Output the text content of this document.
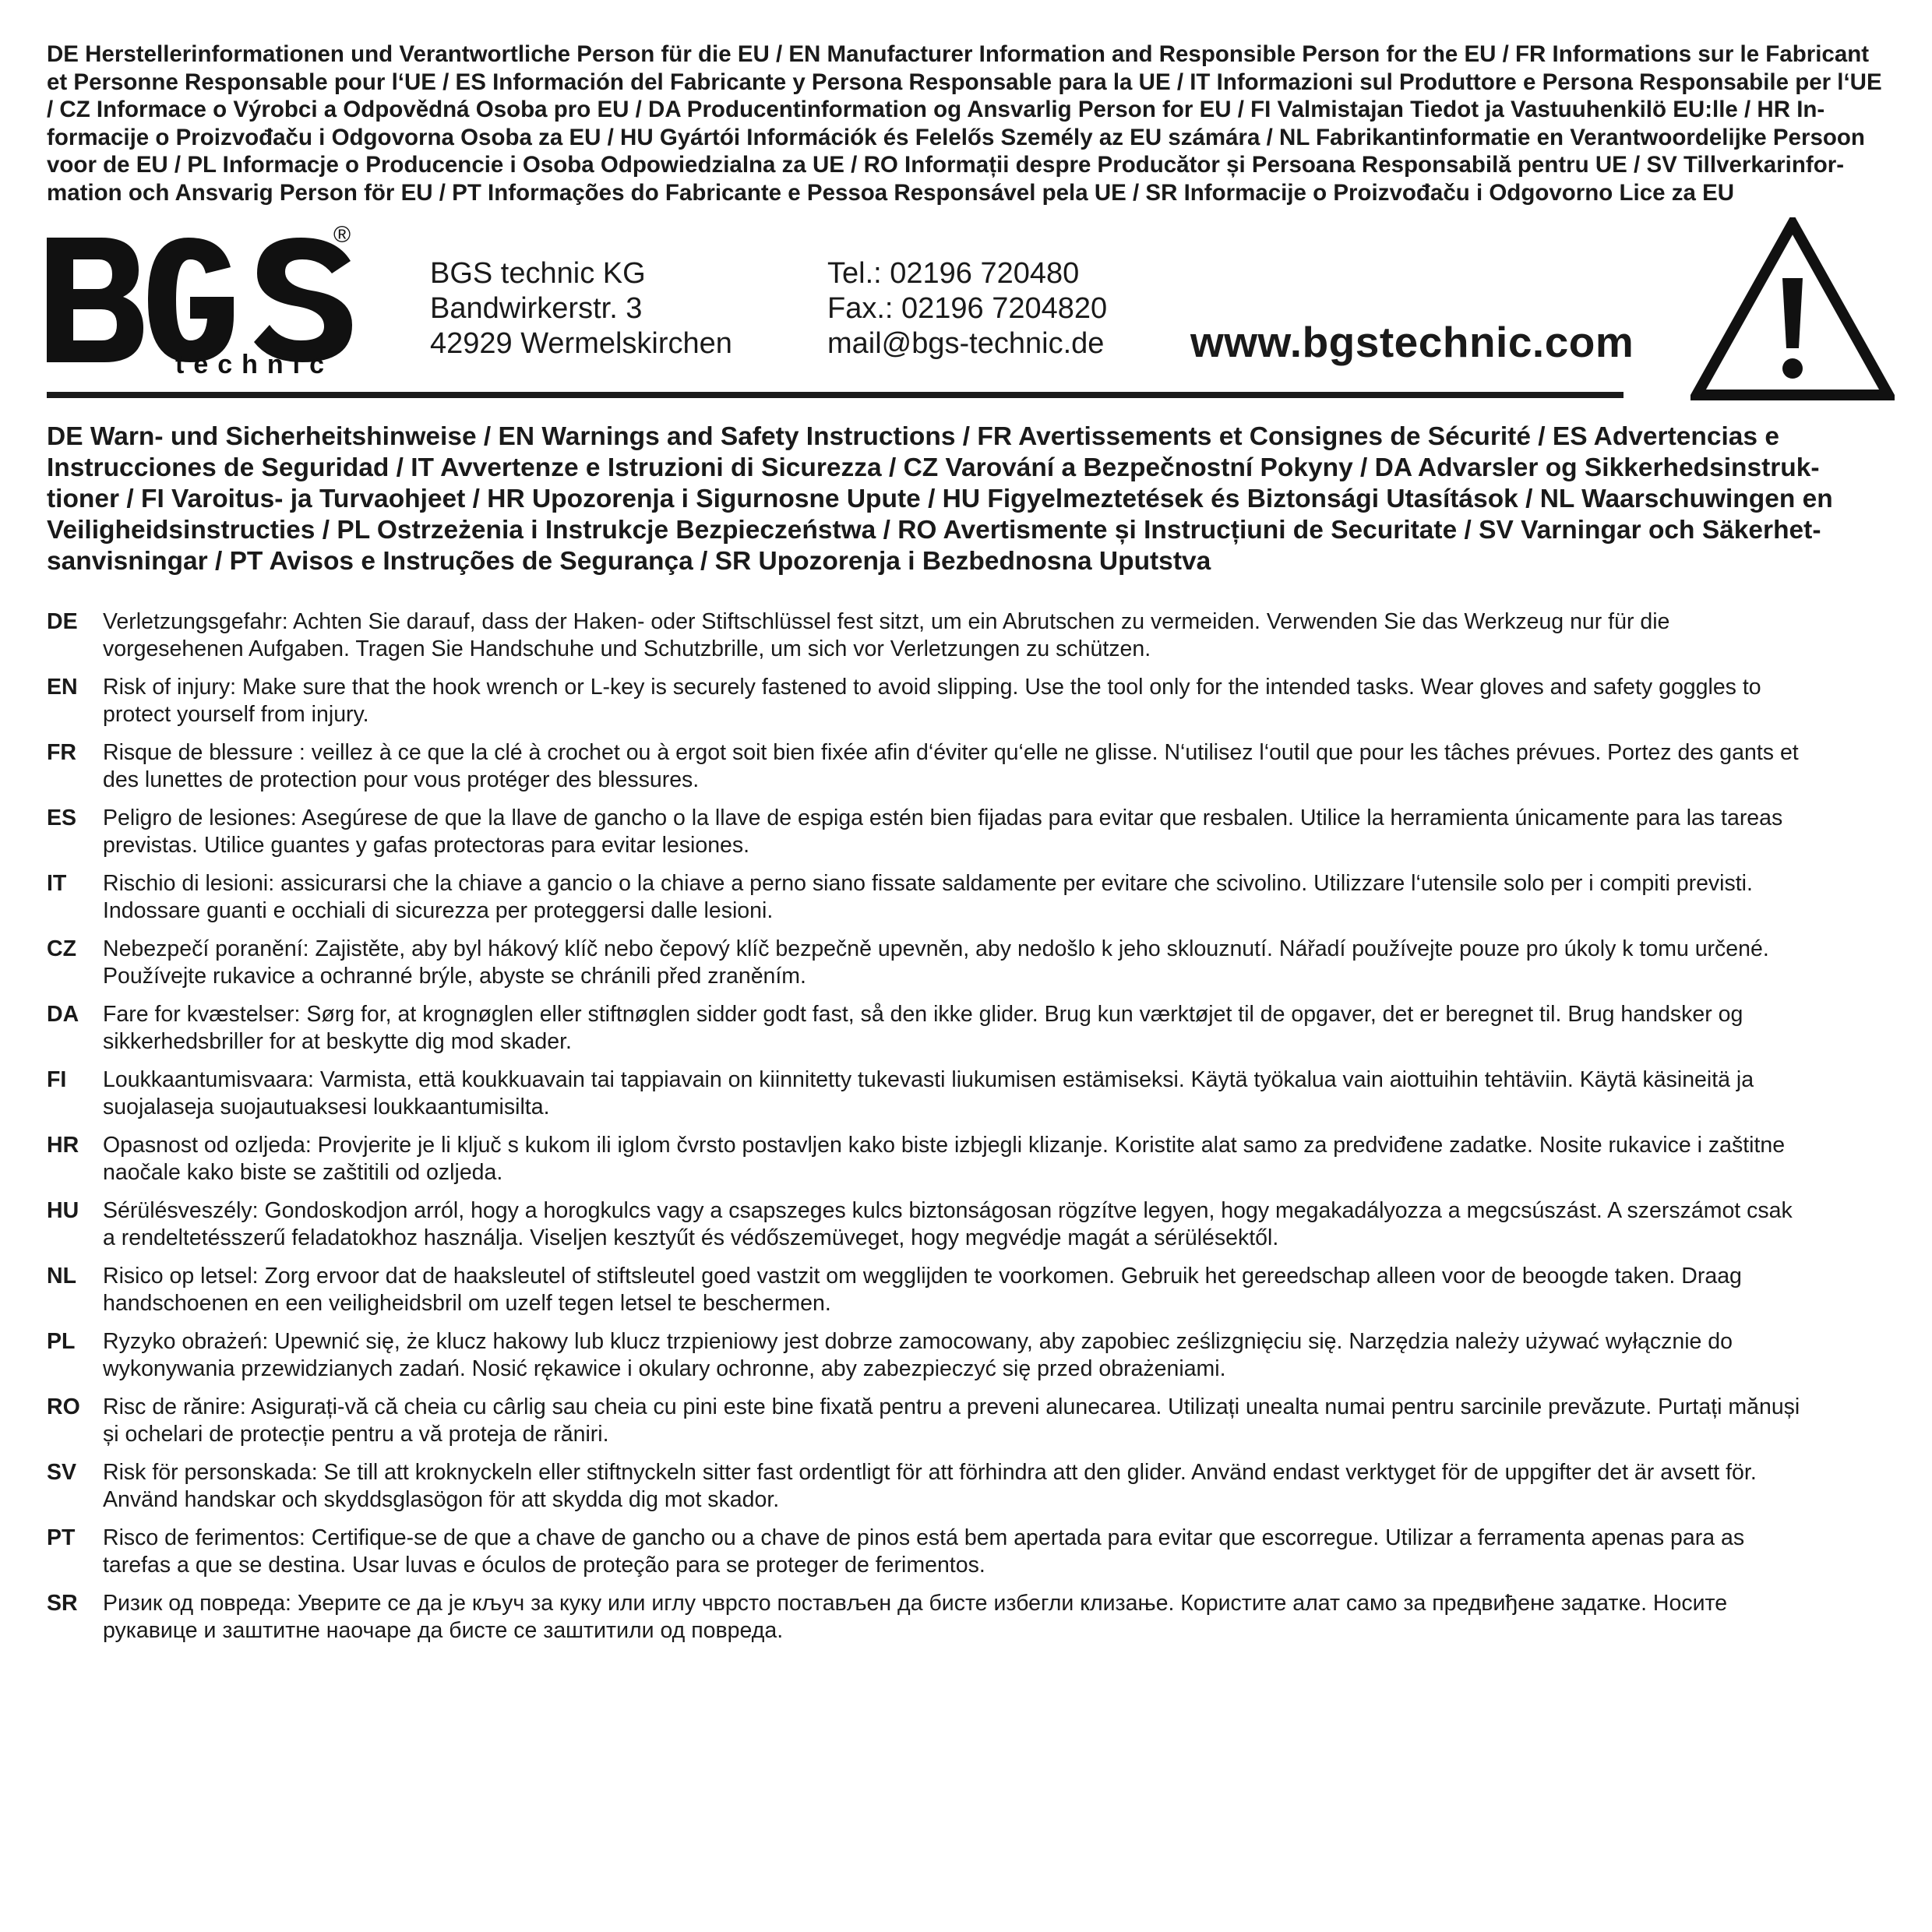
DE Herstellerinformationen und Verantwortliche Person für die EU / EN Manufacturer Information and Responsible Person for the EU / FR Informations sur le Fabricant
et Personne Responsable pour l‘UE / ES Información del Fabricante y Persona Responsable para la UE / IT Informazioni sul Produttore e Persona Responsabile per l‘UE
/ CZ Informace o Výrobci a Odpovědná Osoba pro EU / DA Producentinformation og Ansvarlig Person for EU / FI Valmistajan Tiedot ja Vastuuhenkilö EU:lle / HR In-
formacije o Proizvođaču i Odgovorna Osoba za EU / HU Gyártói Információk és Felelős Személy az EU számára / NL Fabrikantinformatie en Verantwoordelijke Persoon
voor de EU / PL Informacje o Producencie i Osoba Odpowiedzialna za UE / RO Informații despre Producător și Persoana Responsabilă pentru UE / SV Tillverkarinfor-
mation och Ansvarig Person för EU / PT Informações do Fabricante e Pessoa Responsável pela UE / SR Informacije o Proizvođaču i Odgovorno Lice za EU

technic
®
BGS technic KG
Bandwirkerstr. 3
42929 Wermelskirchen
Tel.: 02196 720480
Fax.: 02196 7204820
mail@bgs-technic.de www.bgstechnic.com

DE Warn- und Sicherheitshinweise / EN Warnings and Safety Instructions / FR Avertissements et Consignes de Sécurité / ES Advertencias e
Instrucciones de Seguridad / IT Avvertenze e Istruzioni di Sicurezza / CZ Varování a Bezpečnostní Pokyny / DA Advarsler og Sikkerhedsinstruk-
tioner / FI Varoitus- ja Turvaohjeet / HR Upozorenja i Sigurnosne Upute / HU Figyelmeztetések és Biztonsági Utasítások / NL Waarschuwingen en
Veiligheidsinstructies / PL Ostrzeżenia i Instrukcje Bezpieczeństwa / RO Avertismente și Instrucțiuni de Securitate / SV Varningar och Säkerhet-
sanvisningar / PT Avisos e Instruções de Segurança / SR Upozorenja i Bezbednosna Uputstva

DE	Verletzungsgefahr: Achten Sie darauf, dass der Haken- oder Stiftschlüssel fest sitzt, um ein Abrutschen zu vermeiden. Verwenden Sie das Werkzeug nur für die
vorgesehenen Aufgaben. Tragen Sie Handschuhe und Schutzbrille, um sich vor Verletzungen zu schützen.
EN	Risk of injury: Make sure that the hook wrench or L-key is securely fastened to avoid slipping. Use the tool only for the intended tasks. Wear gloves and safety goggles to
protect yourself from injury.
FR	Risque de blessure : veillez à ce que la clé à crochet ou à ergot soit bien fixée afin d‘éviter qu‘elle ne glisse. N‘utilisez l‘outil que pour les tâches prévues. Portez des gants et
des lunettes de protection pour vous protéger des blessures.
ES	Peligro de lesiones: Asegúrese de que la llave de gancho o la llave de espiga estén bien fijadas para evitar que resbalen. Utilice la herramienta únicamente para las tareas
previstas. Utilice guantes y gafas protectoras para evitar lesiones.
IT	Rischio di lesioni: assicurarsi che la chiave a gancio o la chiave a perno siano fissate saldamente per evitare che scivolino. Utilizzare l‘utensile solo per i compiti previsti.
Indossare guanti e occhiali di sicurezza per proteggersi dalle lesioni.
CZ	Nebezpečí poranění: Zajistěte, aby byl hákový klíč nebo čepový klíč bezpečně upevněn, aby nedošlo k jeho sklouznutí. Nářadí používejte pouze pro úkoly k tomu určené.
Používejte rukavice a ochranné brýle, abyste se chránili před zraněním.
DA	Fare for kvæstelser: Sørg for, at krognøglen eller stiftnøglen sidder godt fast, så den ikke glider. Brug kun værktøjet til de opgaver, det er beregnet til. Brug handsker og
sikkerhedsbriller for at beskytte dig mod skader.
FI	Loukkaantumisvaara: Varmista, että koukkuavain tai tappiavain on kiinnitetty tukevasti liukumisen estämiseksi. Käytä työkalua vain aiottuihin tehtäviin. Käytä käsineitä ja
suojalaseja suojautuaksesi loukkaantumisilta.
HR	Opasnost od ozljeda: Provjerite je li ključ s kukom ili iglom čvrsto postavljen kako biste izbjegli klizanje. Koristite alat samo za predviđene zadatke. Nosite rukavice i zaštitne
naočale kako biste se zaštitili od ozljeda.
HU	Sérülésveszély: Gondoskodjon arról, hogy a horogkulcs vagy a csapszeges kulcs biztonságosan rögzítve legyen, hogy megakadályozza a megcsúszást. A szerszámot csak
a rendeltetésszerű feladatokhoz használja. Viseljen kesztyűt és védőszemüveget, hogy megvédje magát a sérülésektől.
NL	Risico op letsel: Zorg ervoor dat de haaksleutel of stiftsleutel goed vastzit om wegglijden te voorkomen. Gebruik het gereedschap alleen voor de beoogde taken. Draag
handschoenen en een veiligheidsbril om uzelf tegen letsel te beschermen.
PL	Ryzyko obrażeń: Upewnić się, że klucz hakowy lub klucz trzpieniowy jest dobrze zamocowany, aby zapobiec ześlizgnięciu się. Narzędzia należy używać wyłącznie do
wykonywania przewidzianych zadań. Nosić rękawice i okulary ochronne, aby zabezpieczyć się przed obrażeniami.
RO	Risc de rănire: Asigurați-vă că cheia cu cârlig sau cheia cu pini este bine fixată pentru a preveni alunecarea. Utilizați unealta numai pentru sarcinile prevăzute. Purtați mănuși
și ochelari de protecție pentru a vă proteja de răniri.
SV	Risk för personskada: Se till att kroknyckeln eller stiftnyckeln sitter fast ordentligt för att förhindra att den glider. Använd endast verktyget för de uppgifter det är avsett för.
Använd handskar och skyddsglasögon för att skydda dig mot skador.
PT	Risco de ferimentos: Certifique-se de que a chave de gancho ou a chave de pinos está bem apertada para evitar que escorregue. Utilizar a ferramenta apenas para as
tarefas a que se destina. Usar luvas e óculos de proteção para se proteger de ferimentos.
SR	Ризик од повреда: Уверите се да је кључ за куку или иглу чврсто постављен да бисте избегли клизање. Користите алат само за предвиђене задатке. Носите
рукавице и заштитне наочаре да бисте се заштитили од повреда.
